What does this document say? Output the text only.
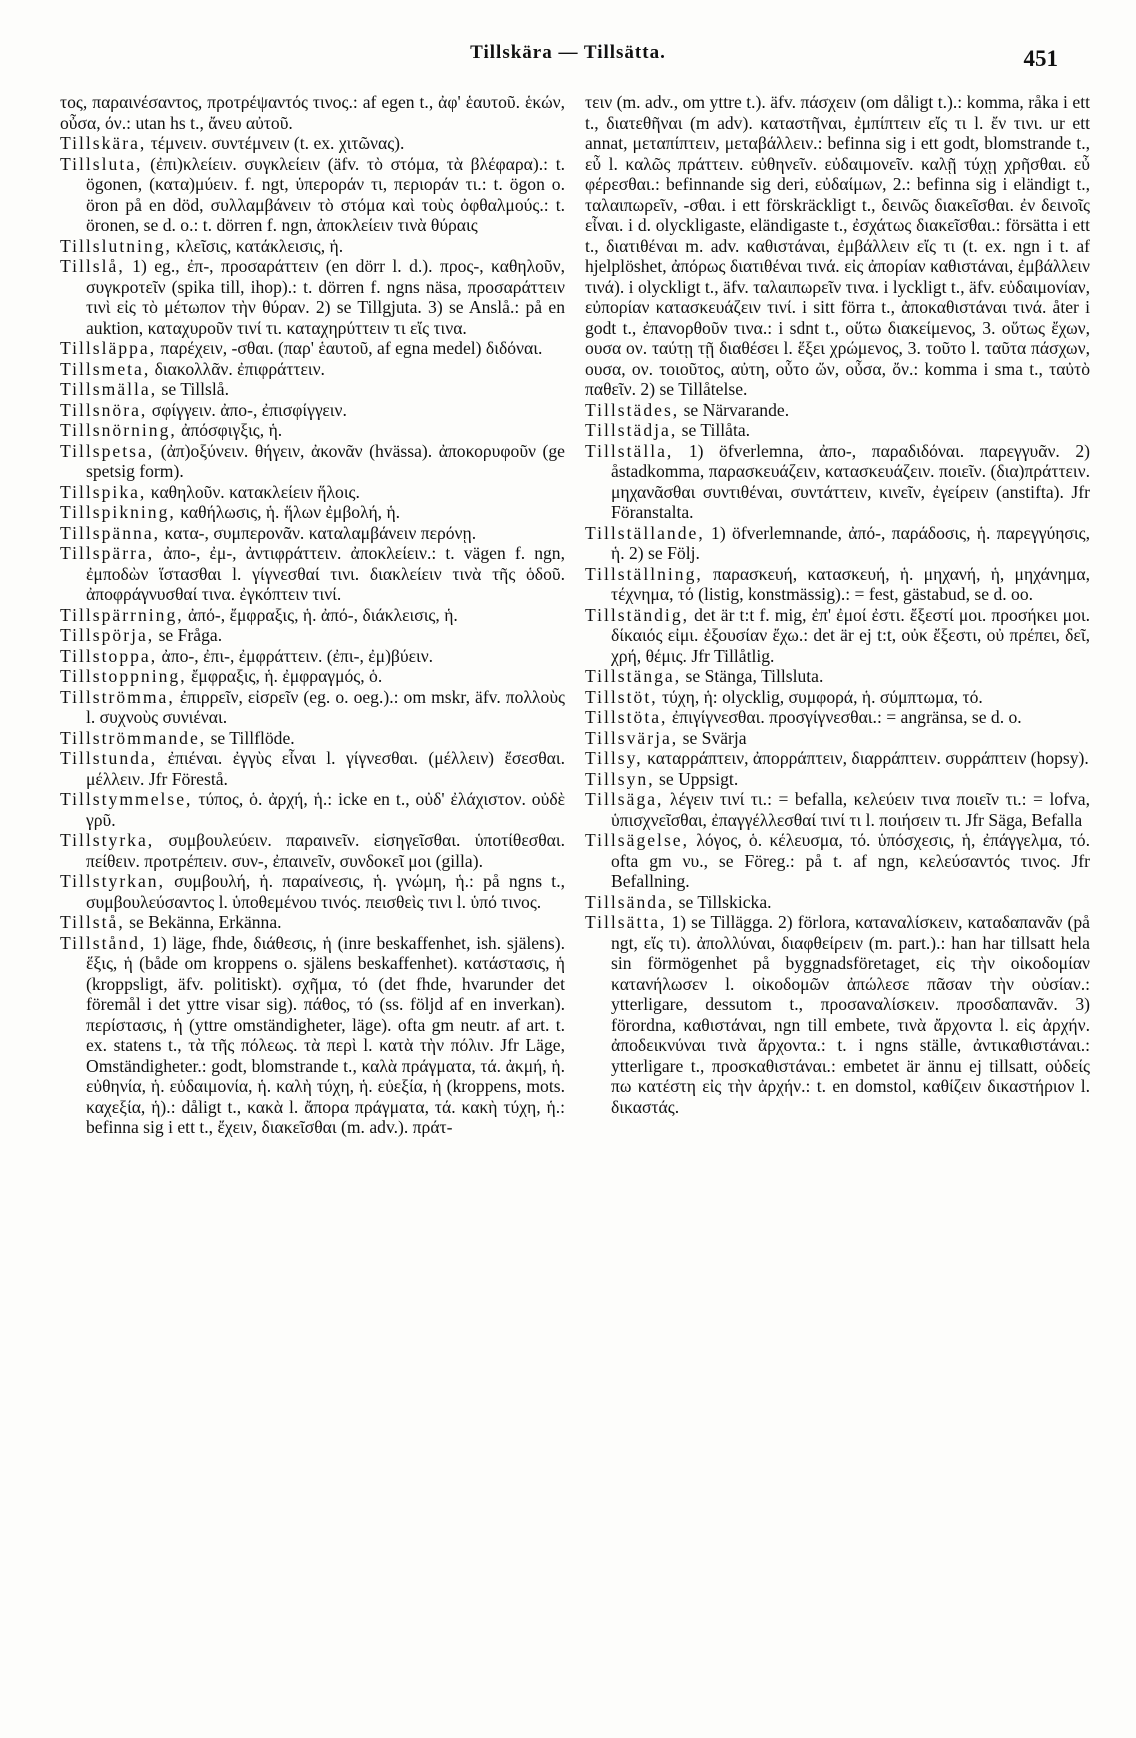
Tillskära — Tillsätta.	451

τος, παραινέσαντος, προτρέψαντός τινος.: af egen t., ἀφ' ἑαυτοῦ. ἑκών, οὖσα, όν.: utan hs t., ἄνευ αὐτοῦ.

Tillskära, τέμνειν. συντέμνειν (t. ex. χιτῶνας).

Tillsluta, (ἐπι)κλείειν. συγκλείειν (äfv. τὸ στόμα, τὰ βλέφαρα).: t. ögonen, (κατα)μύειν. f. ngt, ὑπεροράν τι, περιοράν τι.: t. ögon o. öron på en död, συλλαμβάνειν τὸ στόμα καὶ τοὺς ὀφθαλμούς.: t. öronen, se d. o.: t. dörren f. ngn, ἀποκλείειν τινὰ θύραις

Tillslutning, κλεῖσις, κατάκλεισις, ἡ.

Tillslå, 1) eg., ἐπ-, προσαράττειν (en dörr l. d.). προς-, καθηλοῦν, συγκροτεῖν (spika till, ihop).: t. dörren f. ngns näsa, προσαράττειν τινὶ εἰς τὸ μέτωπον τὴν θύραν. 2) se Tillgjuta. 3) se Anslå.: på en auktion, καταχυροῦν τινί τι. καταχηρύττειν τι εἴς τινα.

Tillsläppa, παρέχειν, -σθαι. (παρ' ἑαυτοῦ, af egna medel) διδόναι.

Tillsmeta, διακολλᾶν. ἐπιφράττειν.

Tillsmälla, se Tillslå.

Tillsnöra, σφίγγειν. ἀπο-, ἐπισφίγγειν.

Tillsnörning, ἀπόσφιγξις, ἡ.

Tillspetsa, (ἀπ)οξύνειν. θήγειν, ἀκονᾶν (hvässa). ἀποκορυφοῦν (ge spetsig form).

Tillspika, καθηλοῦν. κατακλείειν ἥλοις.

Tillspikning, καθήλωσις, ἡ. ἥλων ἐμβολή, ἡ.

Tillspänna, κατα-, συμπερονᾶν. καταλαμβάνειν περόνῃ.

Tillspärra, ἀπο-, ἐμ-, ἀντιφράττειν. ἀποκλείειν.: t. vägen f. ngn, ἐμποδὼν ἵστασθαι l. γίγνεσθαί τινι. διακλείειν τινὰ τῆς ὁδοῦ. ἀποφράγνυσθαί τινα. ἐγκόπτειν τινί.

Tillspärrning, ἀπό-, ἔμφραξις, ἡ. ἀπό-, διάκλεισις, ἡ.

Tillspörja, se Fråga.

Tillstoppa, ἀπο-, ἐπι-, ἐμφράττειν. (ἐπι-, ἐμ)βύειν.

Tillstoppning, ἔμφραξις, ἡ. ἐμφραγμός, ὁ.

Tillströmma, ἐπιρρεῖν, εἰσρεῖν (eg. o. oeg.).: om mskr, äfv. πολλοὺς l. συχνοὺς συνιέναι.

Tillströmmande, se Tillflöde.

Tillstunda, ἐπιέναι. ἐγγὺς εἶναι l. γίγνεσθαι. (μέλλειν) ἔσεσθαι. μέλλειν. Jfr Förestå.

Tillstymmelse, τύπος, ὁ. ἀρχή, ἡ.: icke en t., οὐδ' ἐλάχιστον. οὐδὲ γρῦ.

Tillstyrka, συμβουλεύειν. παραινεῖν. εἰσηγεῖσθαι. ὑποτίθεσθαι. πείθειν. προτρέπειν. συν-, ἐπαινεῖν, συνδοκεῖ μοι (gilla).

Tillstyrkan, συμβουλή, ἡ. παραίνεσις, ἡ. γνώμη, ἡ.: på ngns t., συμβουλεύσαντος l. ὑποθεμένου τινός. πεισθεὶς τινι l. ὑπό τινος.

Tillstå, se Bekänna, Erkänna.

Tillstånd, 1) läge, fhde, διάθεσις, ἡ (inre beskaffenhet, ish. själens). ἕξις, ἡ (både om kroppens o. själens beskaffenhet). κατάστασις, ἡ (kroppsligt, äfv. politiskt). σχῆμα, τό (det fhde, hvarunder det föremål i det yttre visar sig). πάθος, τό (ss. följd af en inverkan). περίστασις, ἡ (yttre omständigheter, läge). ofta gm neutr. af art. t. ex. statens t., τὰ τῆς πόλεως. τὰ περὶ l. κατὰ τὴν πόλιν. Jfr Läge, Omständigheter.: godt, blomstrande t., καλὰ πράγματα, τά. ἀκμή, ἡ. εὐθηνία, ἡ. εὐδαιμονία, ἡ. καλὴ τύχη, ἡ. εὐεξία, ἡ (kroppens, mots. καχεξία, ἡ).: dåligt t., κακὰ l. ἄπορα πράγματα, τά. κακὴ τύχη, ἡ.: befinna sig i ett t., ἔχειν, διακεῖσθαι (m. adv.). πράτ-

τειν (m. adv., om yttre t.). äfv. πάσχειν (om dåligt t.).: komma, råka i ett t., διατεθῆναι (m adv). καταστῆναι, ἐμπίπτειν εἴς τι l. ἔν τινι. ur ett annat, μεταπίπτειν, μεταβάλλειν.: befinna sig i ett godt, blomstrande t., εὖ l. καλῶς πράττειν. εὐθηνεῖν. εὐδαιμονεῖν. καλῇ τύχῃ χρῆσθαι. εὖ φέρεσθαι.: befinnande sig deri, εὐδαίμων, 2.: befinna sig i eländigt t., ταλαιπωρεῖν, -σθαι. i ett förskräckligt t., δεινῶς διακεῖσθαι. ἐν δεινοῖς εἶναι. i d. olyckligaste, eländigaste t., ἐσχάτως διακεῖσθαι.: försätta i ett t., διατιθέναι m. adv. καθιστάναι, ἐμβάλλειν εἴς τι (t. ex. ngn i t. af hjelplöshet, ἀπόρως διατιθέναι τινά. εἰς ἀπορίαν καθιστάναι, ἐμβάλλειν τινά). i olyckligt t., äfv. ταλαιπωρεῖν τινα. i lyckligt t., äfv. εὐδαιμονίαν, εὐπορίαν κατασκευάζειν τινί. i sitt förra t., ἀποκαθιστάναι τινά. åter i godt t., ἐπανορθοῦν τινα.: i sdnt t., οὕτω διακείμενος, 3. οὕτως ἔχων, ουσα ον. ταύτῃ τῇ διαθέσει l. ἕξει χρώμενος, 3. τοῦτο l. ταῦτα πάσχων, ουσα, ον. τοιοῦτος, αὐτη, οὗτο ὤν, οὖσα, ὄν.: komma i sma t., ταὐτὸ παθεῖν. 2) se Tillåtelse.

Tillstädes, se Närvarande.

Tillstädja, se Tillåta.

Tillställa, 1) öfverlemna, ἀπο-, παραδιδόναι. παρεγγυᾶν. 2) åstadkomma, παρασκευάζειν, κατασκευάζειν. ποιεῖν. (δια)πράττειν. μηχανᾶσθαι συντιθέναι, συντάττειν, κινεῖν, ἐγείρειν (anstifta). Jfr Föranstalta.

Tillställande, 1) öfverlemnande, ἀπό-, παράδοσις, ἡ. παρεγγύησις, ἡ. 2) se Följ.

Tillställning, παρασκευή, κατασκευή, ἡ. μηχανή, ἡ, μηχάνημα, τέχνημα, τό (listig, konstmässig).: = fest, gästabud, se d. oo.

Tillständig, det är t:t f. mig, ἐπ' ἐμοί ἐστι. ἔξεστί μοι. προσήκει μοι. δίκαιός εἰμι. ἐξουσίαν ἔχω.: det är ej t:t, οὐκ ἔξεστι, οὐ πρέπει, δεῖ, χρή, θέμις. Jfr Tillåtlig.

Tillstänga, se Stänga, Tillsluta.

Tillstöt, τύχη, ἡ: olycklig, συμφορά, ἡ. σύμπτωμα, τό.

Tillstöta, ἐπιγίγνεσθαι. προσγίγνεσθαι.: = angränsa, se d. o.

Tillsvärja, se Svärja

Tillsy, καταρράπτειν, ἀπορράπτειν, διαρράπτειν. συρράπτειν (hopsy).

Tillsyn, se Uppsigt.

Tillsäga, λέγειν τινί τι.: = befalla, κελεύειν τινα ποιεῖν τι.: = lofva, ὑπισχνεῖσθαι, ἐπαγγέλλεσθαί τινί τι l. ποιήσειν τι. Jfr Säga, Befalla

Tillsägelse, λόγος, ὁ. κέλευσμα, τό. ὑπόσχεσις, ἡ, ἐπάγγελμα, τό. ofta gm νυ., se Föreg.: på t. af ngn, κελεύσαντός τινος. Jfr Befallning.

Tillsända, se Tillskicka.

Tillsätta, 1) se Tillägga. 2) förlora, καταναλίσκειν, καταδαπανᾶν (på ngt, εἴς τι). ἀπολλύναι, διαφθείρειν (m. part.).: han har tillsatt hela sin förmögenhet på byggnadsföretaget, εἰς τὴν οἰκοδομίαν κατανήλωσεν l. οἰκοδομῶν ἀπώλεσε πᾶσαν τὴν οὐσίαν.: ytterligare, dessutom t., προσαναλίσκειν. προσδαπανᾶν. 3) förordna, καθιστάναι, ngn till embete, τινὰ ἄρχοντα l. εἰς ἀρχήν. ἀποδεικνύναι τινὰ ἄρχοντα.: t. i ngns ställe, ἀντικαθιστάναι.: ytterligare t., προσκαθιστάναι.: embetet är ännu ej tillsatt, οὐδείς πω κατέστη εἰς τὴν ἀρχήν.: t. en domstol, καθίζειν δικαστήριον l. δικαστάς.
